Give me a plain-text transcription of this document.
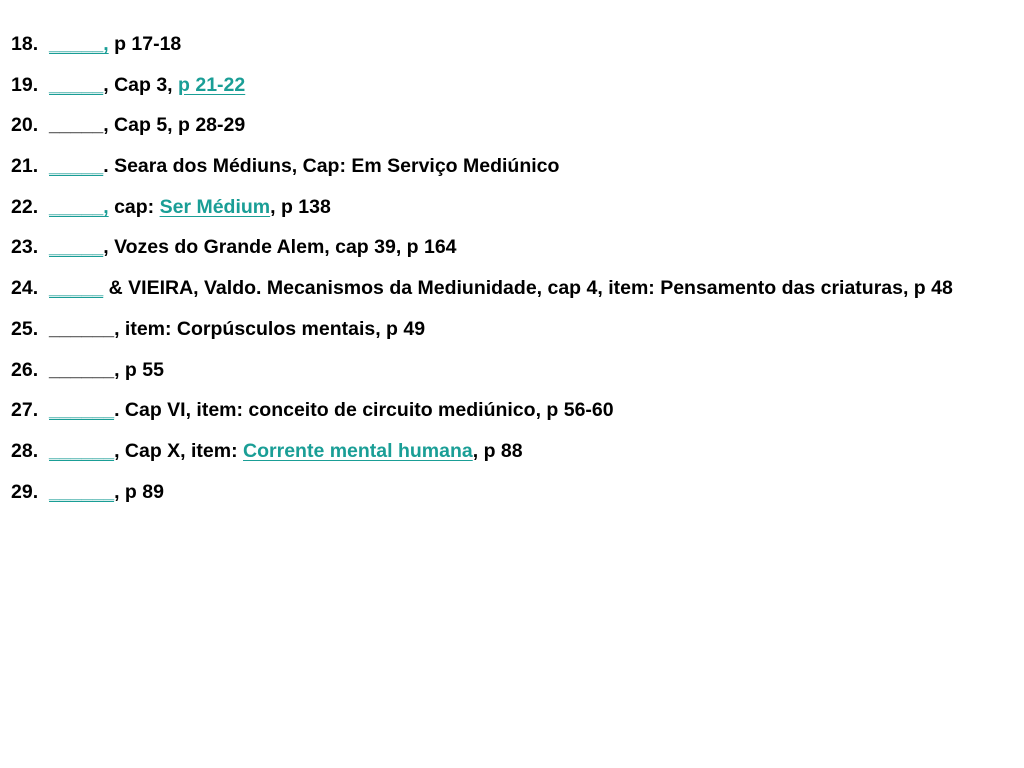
18. _____, p 17-18
19. _____, Cap 3, p 21-22
20. _____, Cap 5, p 28-29
21. _____. Seara dos Médiuns, Cap: Em Serviço Mediúnico
22. _____, cap: Ser Médium, p 138
23. _____, Vozes do Grande Alem, cap 39, p 164
24. _____ & VIEIRA, Valdo. Mecanismos da Mediunidade, cap 4, item: Pensamento das criaturas, p 48
25. ______, item: Corpúsculos mentais, p 49
26. ______, p 55
27. ______. Cap VI, item: conceito de circuito mediúnico, p 56-60
28. ______, Cap X, item: Corrente mental humana, p 88
29. ______, p 89
